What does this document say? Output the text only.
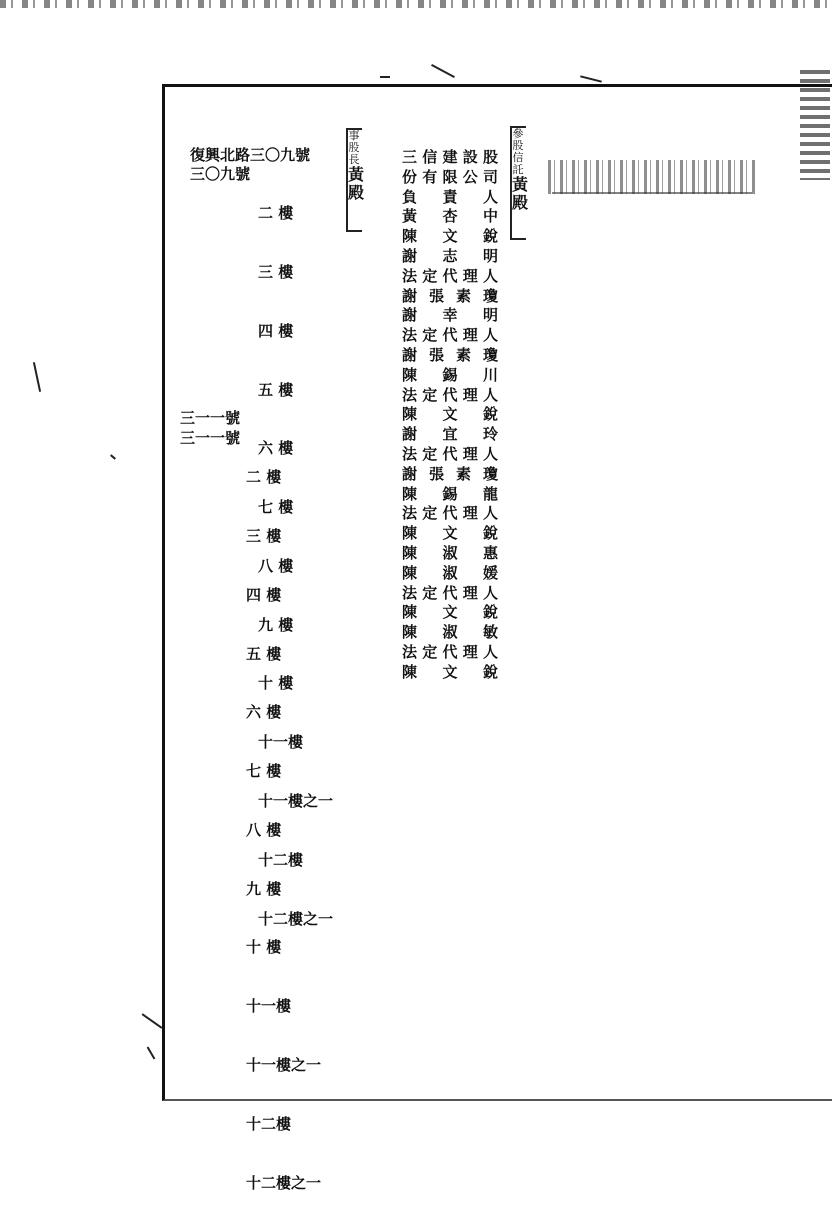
復興北路三〇九號
三〇九號

二 樓

三 樓

四 樓

五 樓

六 樓

七 樓

八 樓

九 樓

十 樓

十一樓

十一樓之一

十二樓

十二樓之一

三一一號
三一一號

二 樓

三 樓

四 樓

五 樓

六 樓

七 樓

八 樓

九 樓

十 樓

十一樓

十一樓之一

十二樓

十二樓之一

事股長
黃殿
三信建設股
份有限公司
負 責 人
黃 杏 中
陳 文 銳
謝 志 明
法定代理人
謝張素瓊
謝 幸 明
法定代理人
謝張素瓊
陳 錫 川
法定代理人
陳 文 銳
謝 宜 玲
法定代理人
謝張素瓊
陳 錫 龍
法定代理人
陳 文 銳
陳 淑 惠
陳 淑 媛
法定代理人
陳 文 銳
陳 淑 敏
法定代理人
陳 文 銳
參股信託
黃殿
